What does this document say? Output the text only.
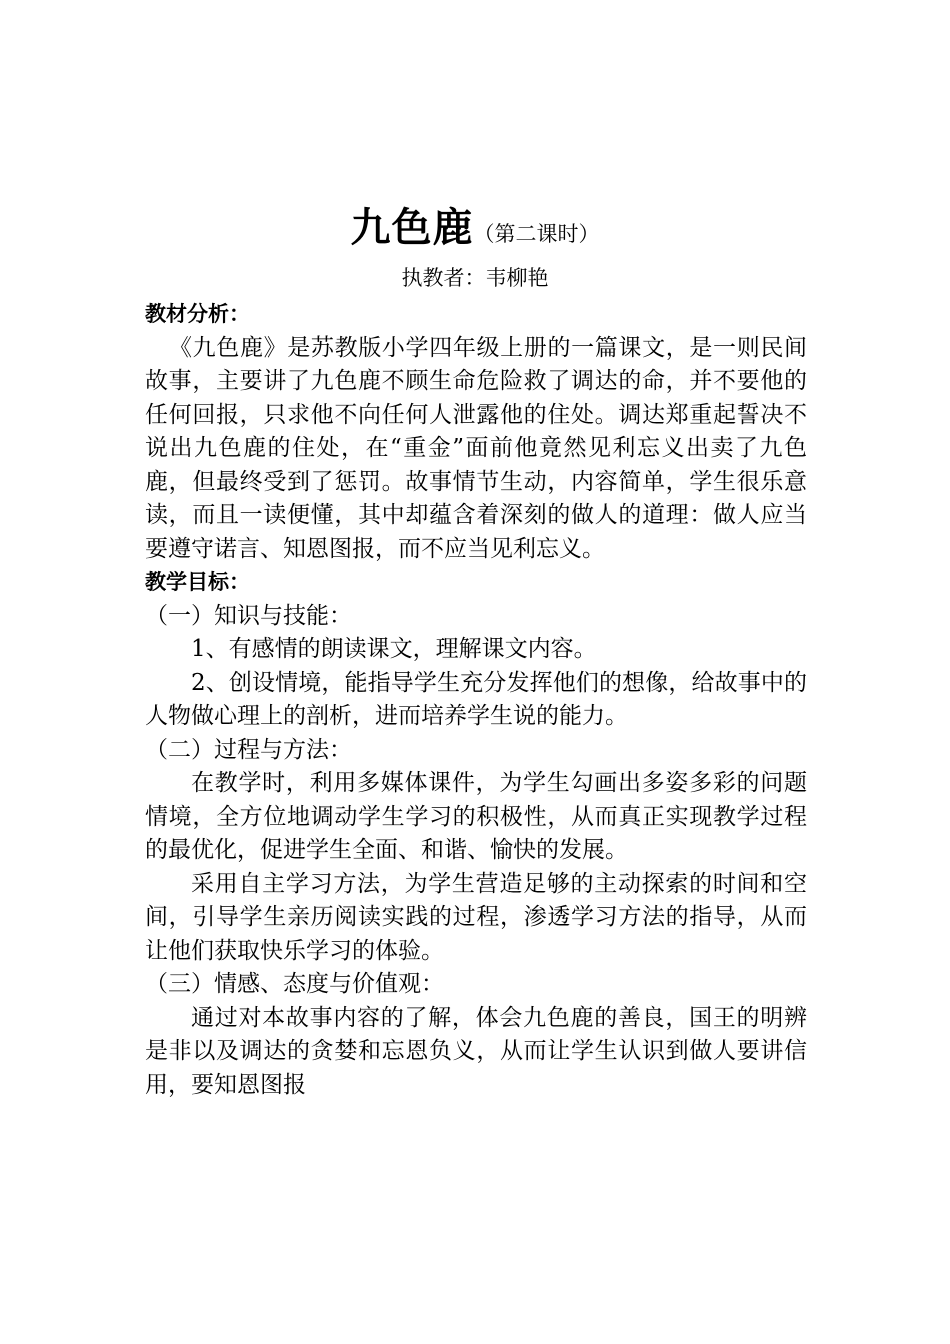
九色鹿（第二课时）
执教者：韦柳艳

教材分析：

《九色鹿》是苏教版小学四年级上册的一篇课文，是一则民间故事，主要讲了九色鹿不顾生命危险救了调达的命，并不要他的任何回报，只求他不向任何人泄露他的住处。调达郑重起誓决不说出九色鹿的住处，在“重金”面前他竟然见利忘义出卖了九色鹿，但最终受到了惩罚。故事情节生动，内容简单，学生很乐意读，而且一读便懂，其中却蕴含着深刻的做人的道理：做人应当要遵守诺言、知恩图报，而不应当见利忘义。

教学目标：

（一）知识与技能：

1、有感情的朗读课文，理解课文内容。

2、创设情境，能指导学生充分发挥他们的想像，给故事中的人物做心理上的剖析，进而培养学生说的能力。

（二）过程与方法：

在教学时，利用多媒体课件，为学生勾画出多姿多彩的问题情境，全方位地调动学生学习的积极性，从而真正实现教学过程的最优化，促进学生全面、和谐、愉快的发展。

采用自主学习方法，为学生营造足够的主动探索的时间和空间，引导学生亲历阅读实践的过程，渗透学习方法的指导，从而让他们获取快乐学习的体验。

（三）情感、态度与价值观：

通过对本故事内容的了解，体会九色鹿的善良，国王的明辨是非以及调达的贪婪和忘恩负义，从而让学生认识到做人要讲信用，要知恩图报
